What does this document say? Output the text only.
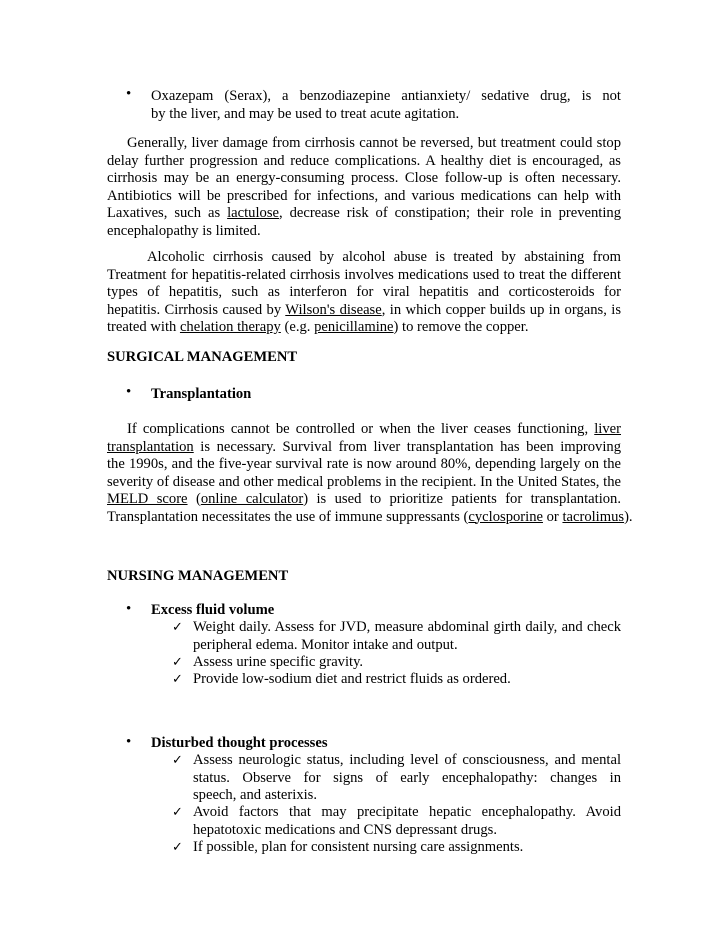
• Oxazepam (Serax), a benzodiazepine antianxiety/ sedative drug, is not
by the liver, and may be used to treat acute agitation.
Generally, liver damage from cirrhosis cannot be reversed, but treatment could stop
delay further progression and reduce complications. A healthy diet is encouraged, as
cirrhosis may be an energy-consuming process. Close follow-up is often necessary.
Antibiotics will be prescribed for infections, and various medications can help with
Laxatives, such as lactulose, decrease risk of constipation; their role in preventing
encephalopathy is limited.
Alcoholic cirrhosis caused by alcohol abuse is treated by abstaining from
Treatment for hepatitis-related cirrhosis involves medications used to treat the different
types of hepatitis, such as interferon for viral hepatitis and corticosteroids for
hepatitis. Cirrhosis caused by Wilson's disease, in which copper builds up in organs, is
treated with chelation therapy (e.g. penicillamine) to remove the copper.
SURGICAL MANAGEMENT
• Transplantation
If complications cannot be controlled or when the liver ceases functioning, liver
transplantation is necessary. Survival from liver transplantation has been improving
the 1990s, and the five-year survival rate is now around 80%, depending largely on the
severity of disease and other medical problems in the recipient. In the United States, the
MELD score (online calculator) is used to prioritize patients for transplantation.
Transplantation necessitates the use of immune suppressants (cyclosporine or tacrolimus).
NURSING MANAGEMENT
• Excess fluid volume
✓ Weight daily. Assess for JVD, measure abdominal girth daily, and check
peripheral edema. Monitor intake and output.
✓ Assess urine specific gravity.
✓ Provide low-sodium diet and restrict fluids as ordered.
• Disturbed thought processes
✓ Assess neurologic status, including level of consciousness, and mental
status. Observe for signs of early encephalopathy: changes in
speech, and asterixis.
✓ Avoid factors that may precipitate hepatic encephalopathy. Avoid
hepatotoxic medications and CNS depressant drugs.
✓ If possible, plan for consistent nursing care assignments.
